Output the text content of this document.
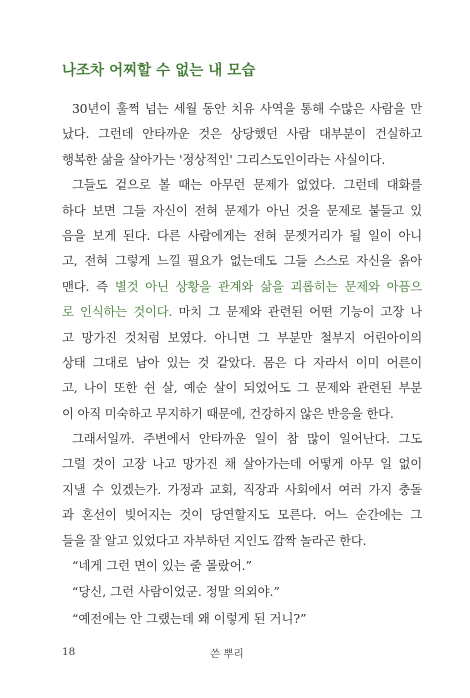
나조차 어찌할 수 없는 내 모습
30년이 훌쩍 넘는 세월 동안 치유 사역을 통해 수많은 사람을 만
났다. 그런데 안타까운 것은 상당했던 사람 대부분이 건실하고
행복한 삶을 살아가는 '정상적인' 그리스도인이라는 사실이다.
그들도 겉으로 볼 때는 아무런 문제가 없었다. 그런데 대화를
하다 보면 그들 자신이 전혀 문제가 아닌 것을 문제로 붙들고 있
음을 보게 된다. 다른 사람에게는 전혀 문젯거리가 될 일이 아니
고, 전혀 그렇게 느낄 필요가 없는데도 그들 스스로 자신을 옭아
맨다. 즉 별것 아닌 상황을 관계와 삶을 괴롭히는 문제와 아픔으
로 인식하는 것이다. 마치 그 문제와 관련된 어떤 기능이 고장 나
고 망가진 것처럼 보였다. 아니면 그 부분만 철부지 어린아이의
상태 그대로 남아 있는 것 같았다. 몸은 다 자라서 이미 어른이
고, 나이 또한 쉰 살, 예순 살이 되었어도 그 문제와 관련된 부분
이 아직 미숙하고 무지하기 때문에, 건강하지 않은 반응을 한다.
그래서일까. 주변에서 안타까운 일이 참 많이 일어난다. 그도
그럴 것이 고장 나고 망가진 채 살아가는데 어떻게 아무 일 없이
지낼 수 있겠는가. 가정과 교회, 직장과 사회에서 여러 가지 충돌
과 혼선이 빚어지는 것이 당연할지도 모른다. 어느 순간에는 그
들을 잘 알고 있었다고 자부하던 지인도 깜짝 놀라곤 한다.
“네게 그런 면이 있는 줄 몰랐어.”
“당신, 그런 사람이었군. 정말 의외야.”
“예전에는 안 그랬는데 왜 이렇게 된 거니?”
18	쓴 뿌리
